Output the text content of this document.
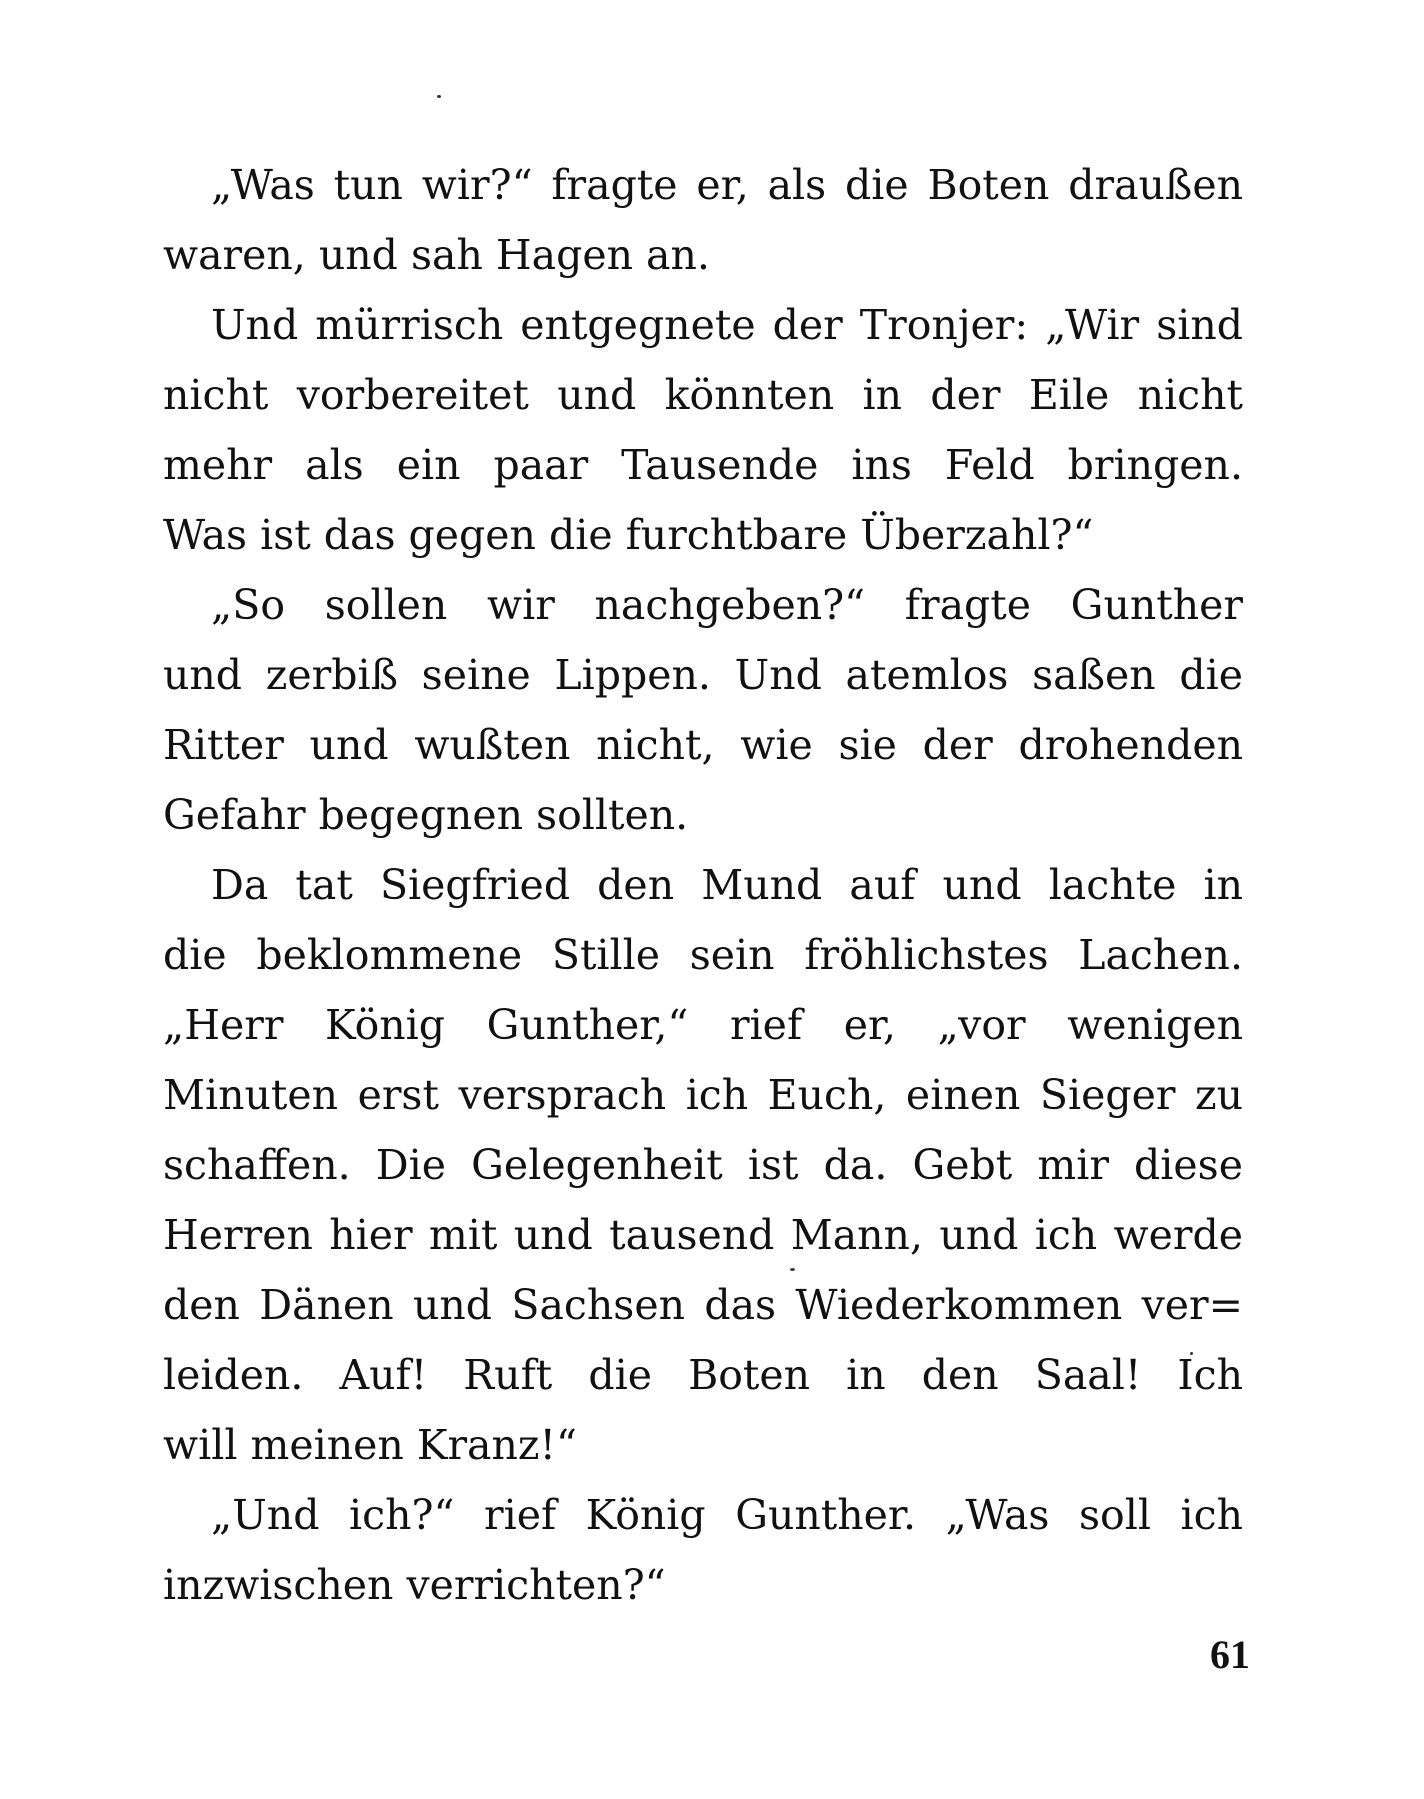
„Was tun wir?“ fragte er, als die Boten draußen
waren, und sah Hagen an.

Und mürrisch entgegnete der Tronjer: „Wir sind
nicht vorbereitet und könnten in der Eile nicht
mehr als ein paar Tausende ins Feld bringen.
Was ist das gegen die furchtbare Überzahl?“

„So sollen wir nachgeben?“ fragte Gunther
und zerbiß seine Lippen. Und atemlos saßen die
Ritter und wußten nicht, wie sie der drohenden
Gefahr begegnen sollten.

Da tat Siegfried den Mund auf und lachte in
die beklommene Stille sein fröhlichstes Lachen.
„Herr König Gunther,“ rief er, „vor wenigen
Minuten erst versprach ich Euch, einen Sieger zu
schaffen. Die Gelegenheit ist da. Gebt mir diese
Herren hier mit und tausend Mann, und ich werde
den Dänen und Sachsen das Wiederkommen ver=
leiden. Auf! Ruft die Boten in den Saal! Ich
will meinen Kranz!“

„Und ich?“ rief König Gunther. „Was soll ich
inzwischen verrichten?“

61
